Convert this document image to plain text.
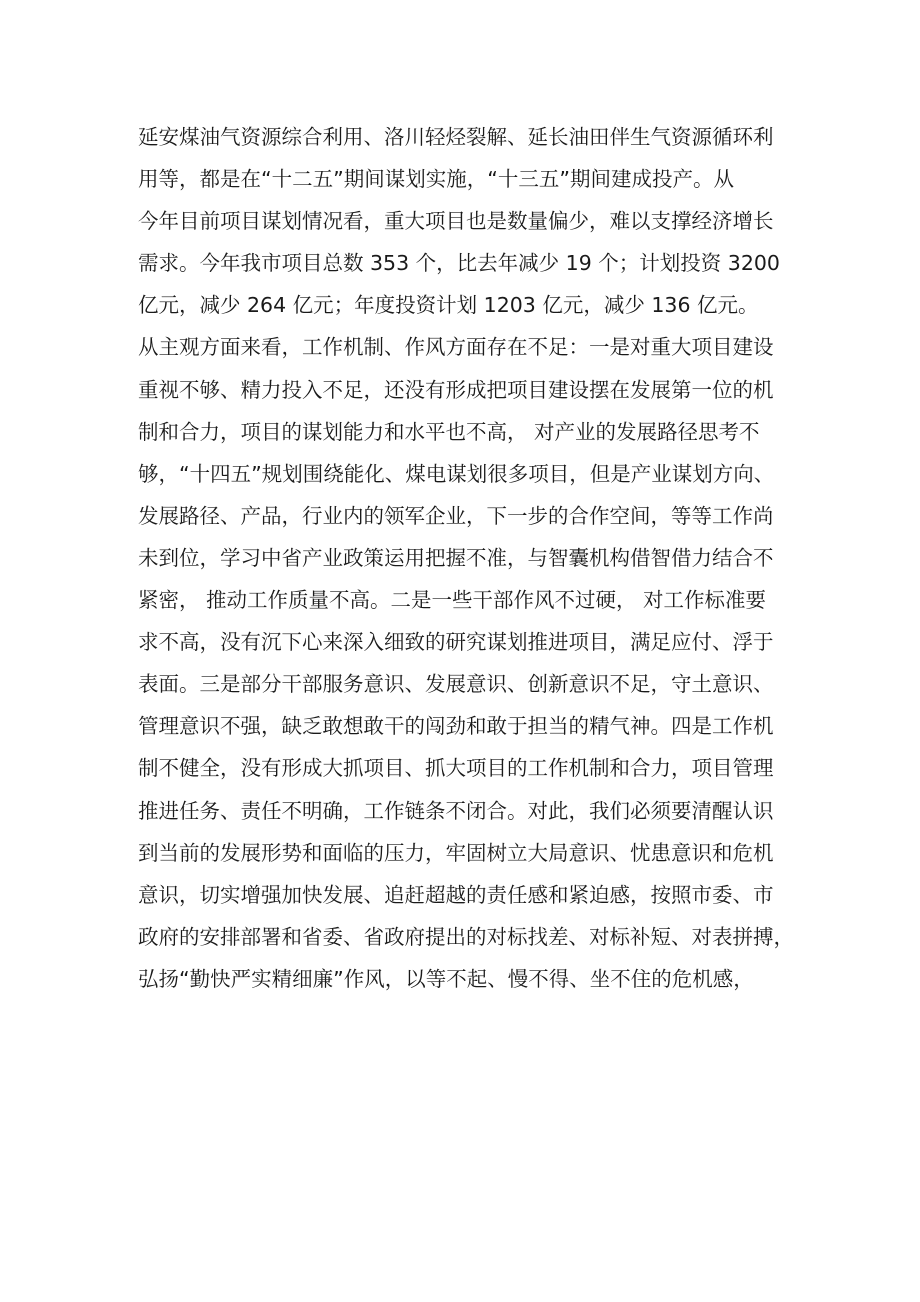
延安煤油气资源综合利用、洛川轻烃裂解、延长油田伴生气资源循环利
用等，都是在“十二五”期间谋划实施，“十三五”期间建成投产。从
今年目前项目谋划情况看，重大项目也是数量偏少，难以支撑经济增长
需求。今年我市项目总数 353 个，比去年减少 19 个；计划投资 3200
亿元，减少 264 亿元；年度投资计划 1203 亿元，减少 136 亿元。
从主观方面来看，工作机制、作风方面存在不足：一是对重大项目建设
重视不够、精力投入不足，还没有形成把项目建设摆在发展第一位的机
制和合力，项目的谋划能力和水平也不高， 对产业的发展路径思考不
够，“十四五”规划围绕能化、煤电谋划很多项目，但是产业谋划方向、
发展路径、产品，行业内的领军企业，下一步的合作空间，等等工作尚
未到位，学习中省产业政策运用把握不准，与智囊机构借智借力结合不
紧密， 推动工作质量不高。二是一些干部作风不过硬， 对工作标准要
求不高，没有沉下心来深入细致的研究谋划推进项目，满足应付、浮于
表面。三是部分干部服务意识、发展意识、创新意识不足，守土意识、
管理意识不强，缺乏敢想敢干的闯劲和敢于担当的精气神。四是工作机
制不健全，没有形成大抓项目、抓大项目的工作机制和合力，项目管理
推进任务、责任不明确，工作链条不闭合。对此，我们必须要清醒认识
到当前的发展形势和面临的压力，牢固树立大局意识、忧患意识和危机
意识，切实增强加快发展、追赶超越的责任感和紧迫感，按照市委、市
政府的安排部署和省委、省政府提出的对标找差、对标补短、对表拼搏，
弘扬“勤快严实精细廉”作风，以等不起、慢不得、坐不住的危机感，
